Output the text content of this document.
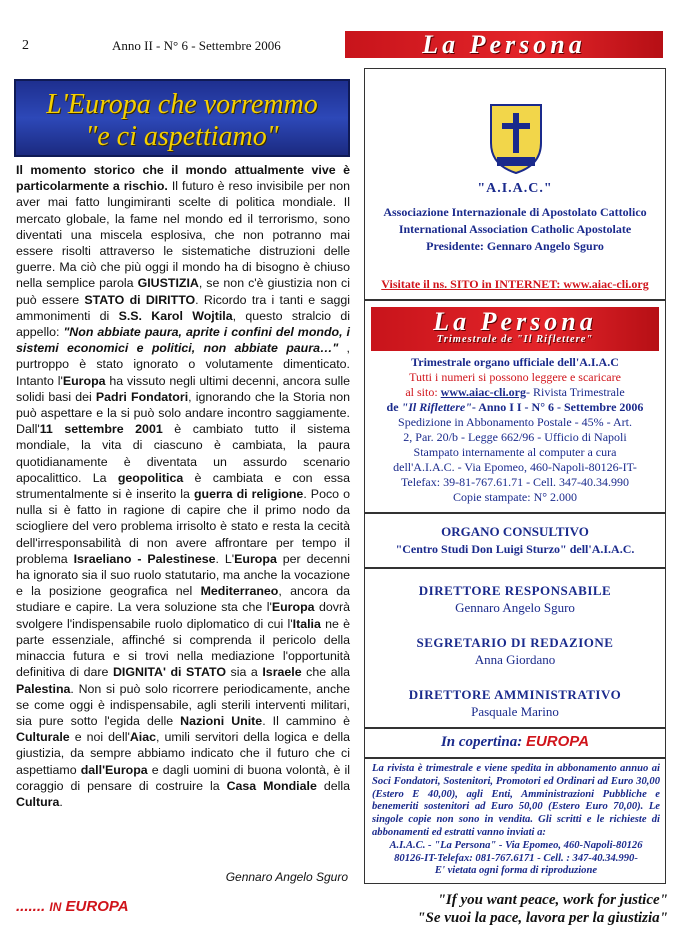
2	Anno II - N° 6 - Settembre 2006	La Persona
L'Europa che vorremmo
"e ci aspettiamo"

Il momento storico che il mondo attualmente vive è particolarmente a rischio. Il futuro è reso invisibile per non aver mai fatto lungimiranti scelte di politica mondiale. Il mercato globale, la fame nel mondo ed il terrorismo, sono diventati una miscela esplosiva, che non potranno mai essere risolti attraverso le sistematiche distruzioni delle guerre. Ma ciò che più oggi il mondo ha di bisogno è chiuso nella semplice parola GIUSTIZIA, se non c'è giustizia non ci può essere STATO di DIRITTO. Ricordo tra i tanti e saggi ammonimenti di S.S. Karol Wojtila, questo stralcio di appello: "Non abbiate paura, aprite i confini del mondo, i sistemi economici e politici, non abbiate paura…" , purtroppo è stato ignorato o volutamente dimenticato. Intanto l'Europa ha vissuto negli ultimi decenni, ancora sulle solidi basi dei Padri Fondatori, ignorando che la Storia non può aspettare e la si può solo andare incontro saggiamente. Dall'11 settembre 2001 è cambiato tutto il sistema mondiale, la vita di ciascuno è cambiata, la paura quotidianamente è diventata un assurdo scenario apocalittico. La geopolitica è cambiata e con essa strumentalmente si è inserito la guerra di religione. Poco o nulla si è fatto in ragione di capire che il primo nodo da sciogliere del vero problema irrisolto è stato e resta la cecità dell'irresponsabilità di non avere affrontare per tempo il problema Israeliano - Palestinese. L'Europa per decenni ha ignorato sia il suo ruolo statutario, ma anche la vocazione e la posizione geografica nel Mediterraneo, ancora da studiare e capire. La vera soluzione sta che l'Europa dovrà svolgere l'indispensabile ruolo diplomatico di cui l'Italia ne è parte essenziale, affinché si comprenda il pericolo della minaccia futura e si trovi nella mediazione l'opportunità definitiva di dare DIGNITA' di STATO sia a Israele che alla Palestina. Non si può solo ricorrere periodicamente, anche se come oggi è indispensabile, agli sterili interventi militari, sia pure sotto l'egida delle Nazioni Unite. Il cammino è Culturale e noi dell'Aiac, umili servitori della logica e della giustizia, da sempre abbiamo indicato che il futuro che ci aspettiamo dall'Europa e dagli uomini di buona volontà, è il coraggio di pensare di costruire la Casa Mondiale della Cultura.

Gennaro Angelo Sguro
"A.I.A.C."
Associazione Internazionale di Apostolato Cattolico
International Association Catholic Apostolate
Presidente: Gennaro Angelo Sguro
Visitate il ns. SITO in INTERNET: www.aiac-cli.org
La Persona
Trimestrale de "Il Riflettere"
Trimestrale organo ufficiale dell'A.I.A.C
Tutti i numeri si possono leggere e scaricare
al sito: www.aiac-cli.org- Rivista Trimestrale
de "Il Riflettere"- Anno I I - N° 6 - Settembre 2006
Spedizione in Abbonamento Postale - 45% - Art.
2, Par. 20/b - Legge 662/96 - Ufficio di Napoli
Stampato internamente al computer a cura
dell'A.I.A.C. - Via Epomeo, 460-Napoli-80126-IT-
Telefax: 39-81-767.61.71 - Cell. 347-40.34.990
Copie stampate: N° 2.000
ORGANO CONSULTIVO
"Centro Studi Don Luigi Sturzo" dell'A.I.A.C.
DIRETTORE RESPONSABILE
Gennaro Angelo Sguro
SEGRETARIO DI REDAZIONE
Anna Giordano
DIRETTORE AMMINISTRATIVO
Pasquale Marino
In copertina: EUROPA
La rivista è trimestrale e viene spedita in abbonamento annuo ai Soci Fondatori, Sostenitori, Promotori ed Ordinari ad Euro 30,00 (Estero E 40,00), agli Enti, Amministrazioni Pubbliche e benemeriti sostenitori ad Euro 50,00 (Estero Euro 70,00). Le singole copie non sono in vendita. Gli scritti e le richieste di abbonamenti ed estratti vanno inviati a:
A.I.A.C. - "La Persona" - Via Epomeo, 460-Napoli-80126
80126-IT-Telefax: 081-767.6171 - Cell. : 347-40.34.990-
E' vietata ogni forma di riproduzione
....... IN EUROPA	"If you want peace, work for justice"
"Se vuoi la pace, lavora per la giustizia"
